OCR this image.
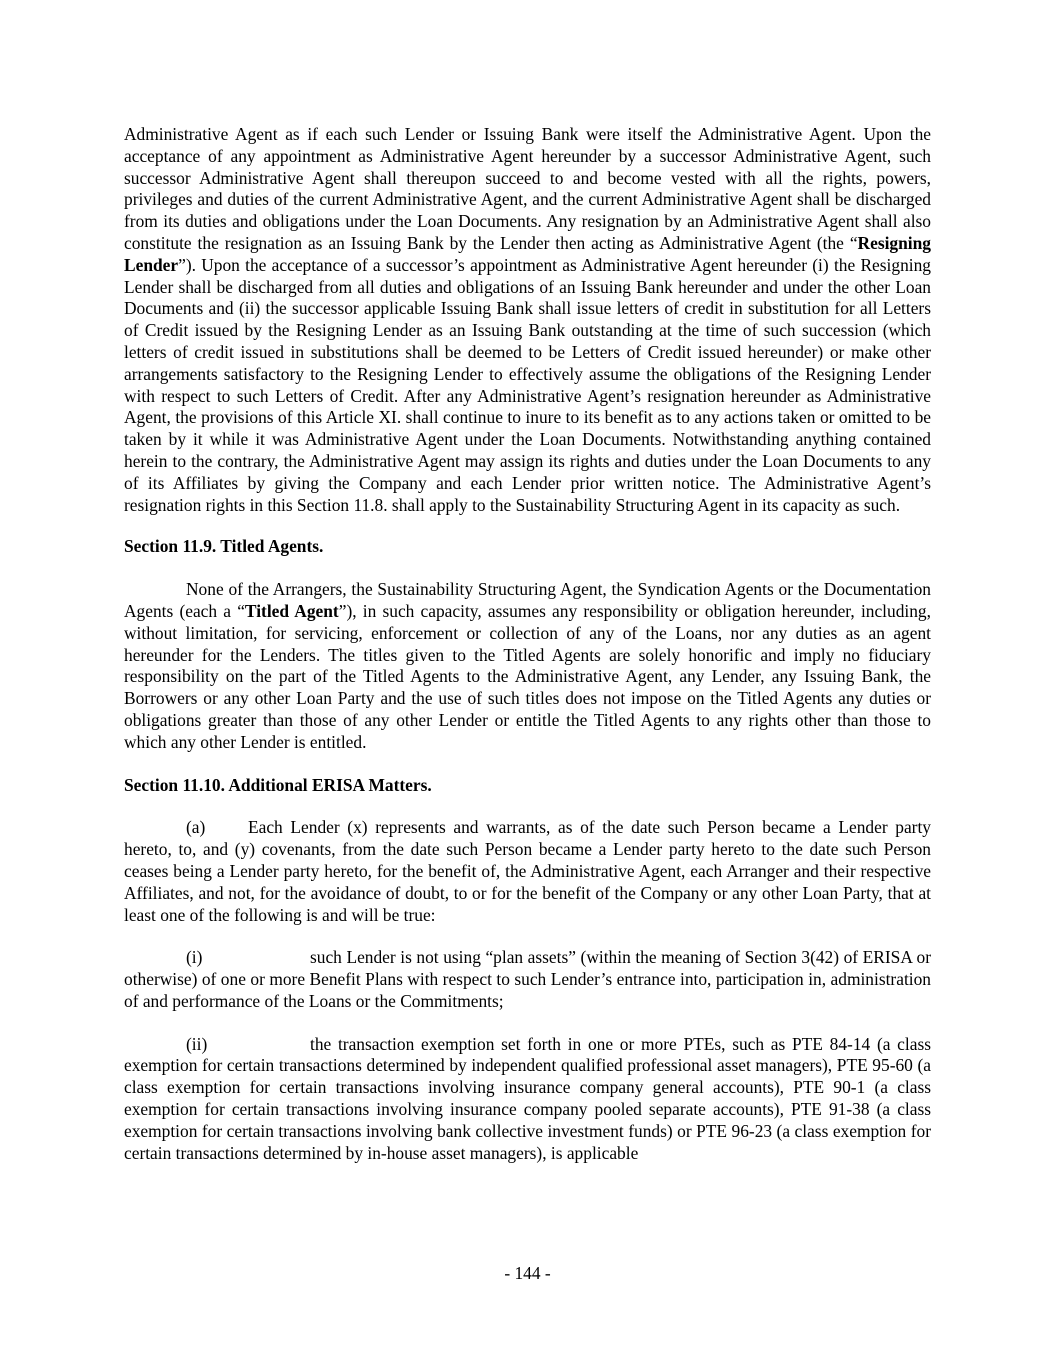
Administrative Agent as if each such Lender or Issuing Bank were itself the Administrative Agent. Upon the acceptance of any appointment as Administrative Agent hereunder by a successor Administrative Agent, such successor Administrative Agent shall thereupon succeed to and become vested with all the rights, powers, privileges and duties of the current Administrative Agent, and the current Administrative Agent shall be discharged from its duties and obligations under the Loan Documents. Any resignation by an Administrative Agent shall also constitute the resignation as an Issuing Bank by the Lender then acting as Administrative Agent (the “Resigning Lender”). Upon the acceptance of a successor’s appointment as Administrative Agent hereunder (i) the Resigning Lender shall be discharged from all duties and obligations of an Issuing Bank hereunder and under the other Loan Documents and (ii) the successor applicable Issuing Bank shall issue letters of credit in substitution for all Letters of Credit issued by the Resigning Lender as an Issuing Bank outstanding at the time of such succession (which letters of credit issued in substitutions shall be deemed to be Letters of Credit issued hereunder) or make other arrangements satisfactory to the Resigning Lender to effectively assume the obligations of the Resigning Lender with respect to such Letters of Credit. After any Administrative Agent’s resignation hereunder as Administrative Agent, the provisions of this Article XI. shall continue to inure to its benefit as to any actions taken or omitted to be taken by it while it was Administrative Agent under the Loan Documents. Notwithstanding anything contained herein to the contrary, the Administrative Agent may assign its rights and duties under the Loan Documents to any of its Affiliates by giving the Company and each Lender prior written notice. The Administrative Agent’s resignation rights in this Section 11.8. shall apply to the Sustainability Structuring Agent in its capacity as such.

Section 11.9. Titled Agents.

None of the Arrangers, the Sustainability Structuring Agent, the Syndication Agents or the Documentation Agents (each a “Titled Agent”), in such capacity, assumes any responsibility or obligation hereunder, including, without limitation, for servicing, enforcement or collection of any of the Loans, nor any duties as an agent hereunder for the Lenders. The titles given to the Titled Agents are solely honorific and imply no fiduciary responsibility on the part of the Titled Agents to the Administrative Agent, any Lender, any Issuing Bank, the Borrowers or any other Loan Party and the use of such titles does not impose on the Titled Agents any duties or obligations greater than those of any other Lender or entitle the Titled Agents to any rights other than those to which any other Lender is entitled.

Section 11.10. Additional ERISA Matters.

(a) Each Lender (x) represents and warrants, as of the date such Person became a Lender party hereto, to, and (y) covenants, from the date such Person became a Lender party hereto to the date such Person ceases being a Lender party hereto, for the benefit of, the Administrative Agent, each Arranger and their respective Affiliates, and not, for the avoidance of doubt, to or for the benefit of the Company or any other Loan Party, that at least one of the following is and will be true:

(i)	such Lender is not using “plan assets” (within the meaning of Section 3(42) of ERISA or otherwise) of one or more Benefit Plans with respect to such Lender’s entrance into, participation in, administration of and performance of the Loans or the Commitments;

(ii)	the transaction exemption set forth in one or more PTEs, such as PTE 84-14 (a class exemption for certain transactions determined by independent qualified professional asset managers), PTE 95-60 (a class exemption for certain transactions involving insurance company general accounts), PTE 90-1 (a class exemption for certain transactions involving insurance company pooled separate accounts), PTE 91-38 (a class exemption for certain transactions involving bank collective investment funds) or PTE 96-23 (a class exemption for certain transactions determined by in-house asset managers), is applicable

- 144 -
